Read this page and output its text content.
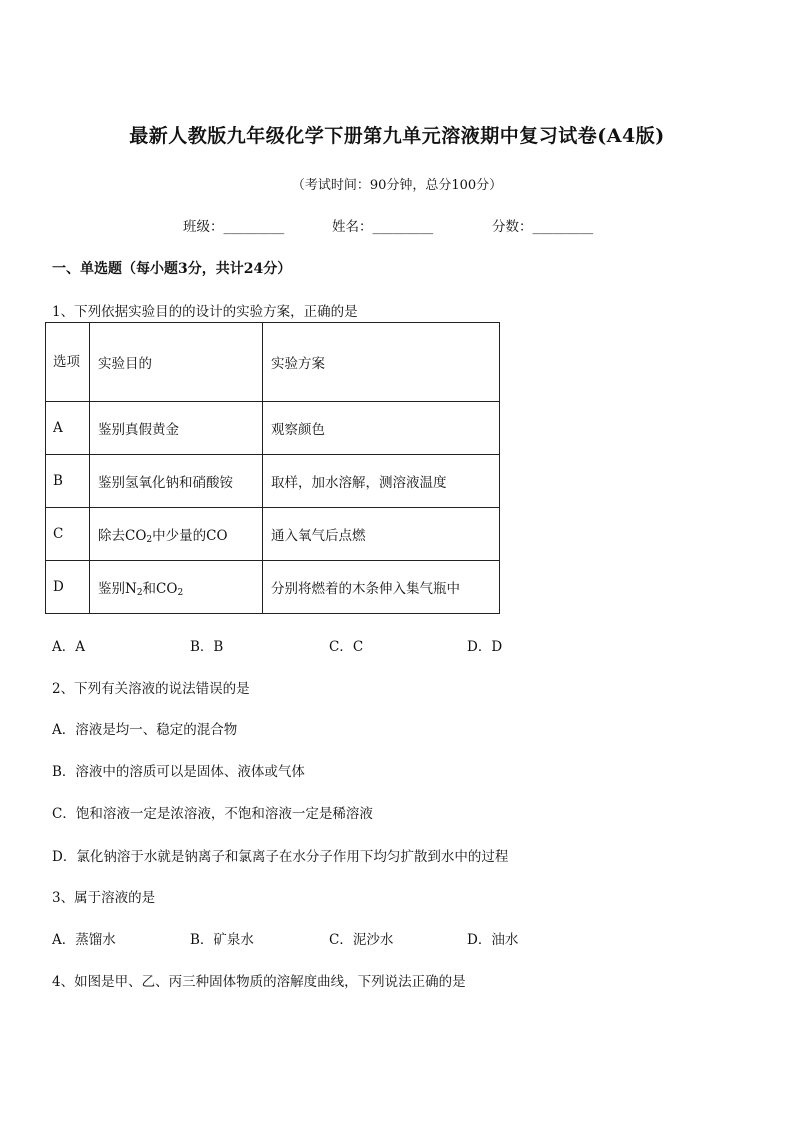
最新人教版九年级化学下册第九单元溶液期中复习试卷(A4版)
（考试时间：90分钟，总分100分）
班级：_________	姓名：_________	分数：_________
一、单选题（每小题3分，共计24分）
1、下列依据实验目的的设计的实验方案，正确的是
选项	实验目的	实验方案
A	鉴别真假黄金	观察颜色
B	鉴别氢氧化钠和硝酸铵	取样，加水溶解，测溶液温度
C	除去$CO_2$中少量的CO	通入氧气后点燃
D	鉴别$N_2$和$CO_2$	分别将燃着的木条伸入集气瓶中
A．A	B．B	C．C	D．D
2、下列有关溶液的说法错误的是
A．溶液是均一、稳定的混合物
B．溶液中的溶质可以是固体、液体或气体
C．饱和溶液一定是浓溶液，不饱和溶液一定是稀溶液
D．氯化钠溶于水就是钠离子和氯离子在水分子作用下均匀扩散到水中的过程
3、属于溶液的是
A．蒸馏水	B．矿泉水	C．泥沙水	D．油水
4、如图是甲、乙、丙三种固体物质的溶解度曲线，下列说法正确的是
